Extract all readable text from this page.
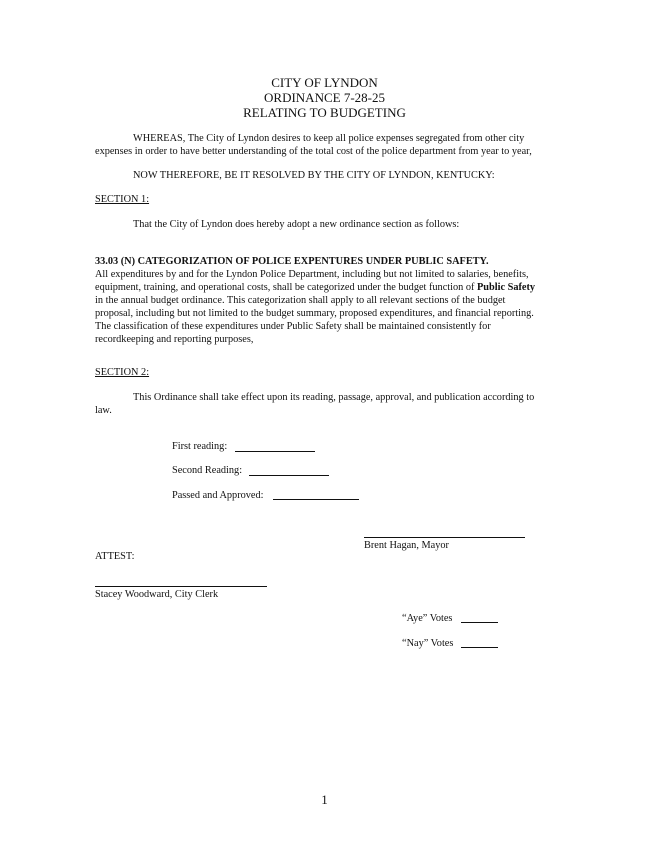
CITY OF LYNDON
ORDINANCE 7-28-25
RELATING TO BUDGETING
WHEREAS, The City of Lyndon desires to keep all police expenses segregated from other city
expenses in order to have better understanding of the total cost of the police department from year to year,
NOW THEREFORE, BE IT RESOLVED BY THE CITY OF LYNDON, KENTUCKY:
SECTION 1:
That the City of Lyndon does hereby adopt a new ordinance section as follows:
33.03 (N) CATEGORIZATION OF POLICE EXPENTURES UNDER PUBLIC SAFETY.
All expenditures by and for the Lyndon Police Department, including but not limited to salaries, benefits,
equipment, training, and operational costs, shall be categorized under the budget function of Public Safety
in the annual budget ordinance. This categorization shall apply to all relevant sections of the budget
proposal, including but not limited to the budget summary, proposed expenditures, and financial reporting.
The classification of these expenditures under Public Safety shall be maintained consistently for
recordkeeping and reporting purposes,
SECTION 2:
This Ordinance shall take effect upon its reading, passage, approval, and publication according to
law.
First reading:
Second Reading:
Passed and Approved:
Brent Hagan, Mayor
ATTEST:
Stacey Woodward, City Clerk
“Aye” Votes
“Nay” Votes
1
